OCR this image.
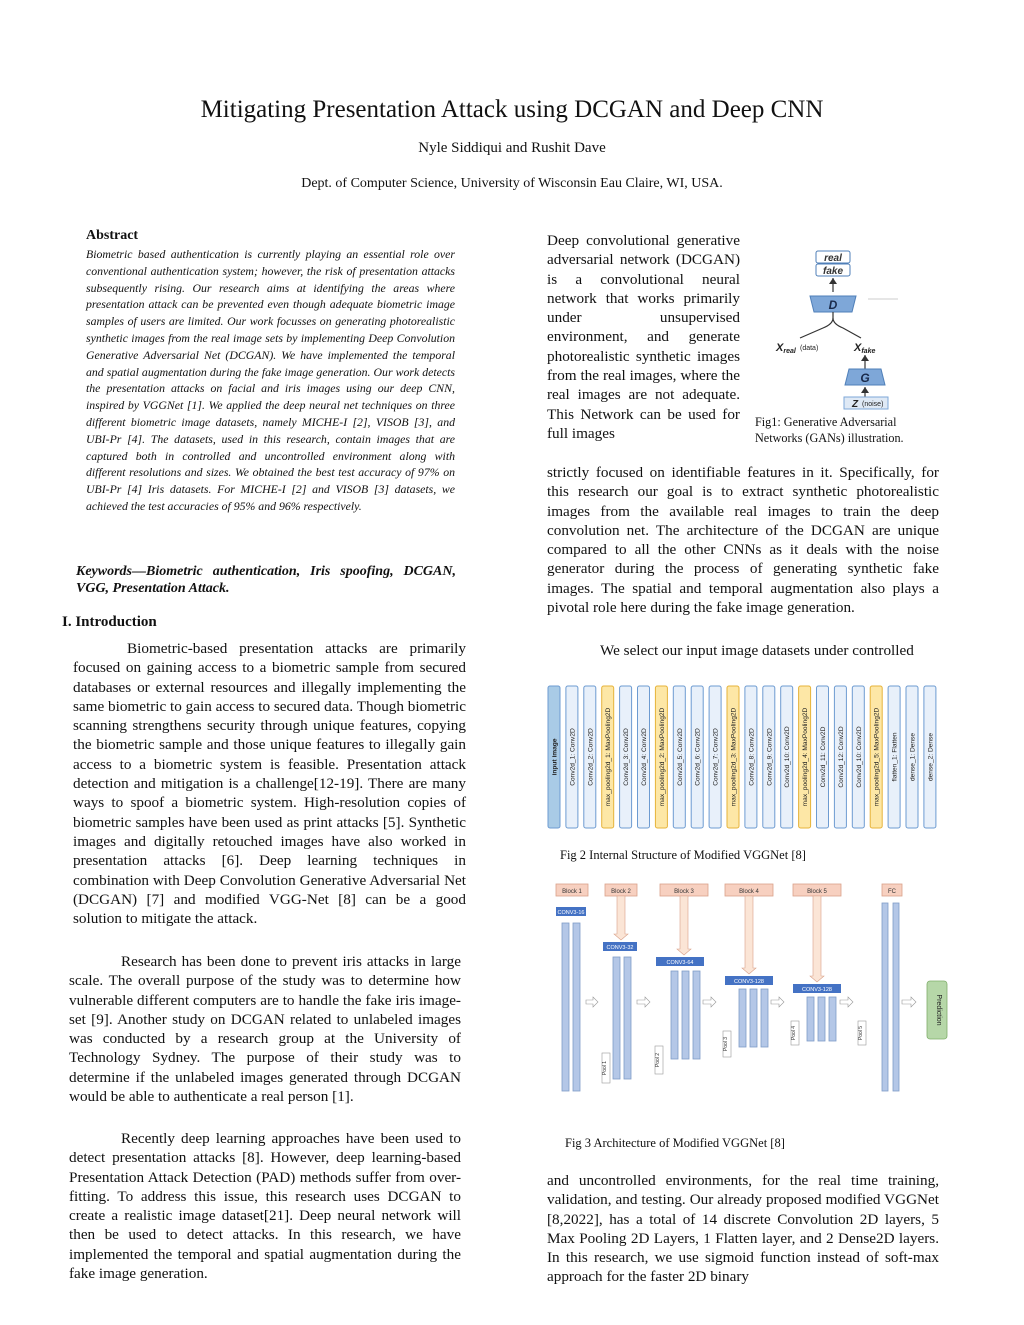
Mitigating Presentation Attack using DCGAN and Deep CNN
Nyle Siddiqui and Rushit Dave
Dept. of Computer Science, University of Wisconsin Eau Claire, WI, USA.
Abstract
Biometric based authentication is currently playing an essential role over conventional authentication system; however, the risk of presentation attacks subsequently rising. Our research aims at identifying the areas where presentation attack can be prevented even though adequate biometric image samples of users are limited. Our work focusses on generating photorealistic synthetic images from the real image sets by implementing Deep Convolution Generative Adversarial Net (DCGAN). We have implemented the temporal and spatial augmentation during the fake image generation. Our work detects the presentation attacks on facial and iris images using our deep CNN, inspired by VGGNet [1]. We applied the deep neural net techniques on three different biometric image datasets, namely MICHE-I [2], VISOB [3], and UBI-Pr [4]. The datasets, used in this research, contain images that are captured both in controlled and uncontrolled environment along with different resolutions and sizes. We obtained the best test accuracy of 97% on UBI-Pr [4] Iris datasets. For MICHE-I [2] and VISOB [3] datasets, we achieved the test accuracies of 95% and 96% respectively.
Keywords—Biometric authentication, Iris spoofing, DCGAN, VGG, Presentation Attack.
I. Introduction
Biometric-based presentation attacks are primarily focused on gaining access to a biometric sample from secured databases or external resources and illegally implementing the same biometric to gain access to secured data. Though biometric scanning strengthens security through unique features, copying the biometric sample and those unique features to illegally gain access to a biometric system is feasible. Presentation attack detection and mitigation is a challenge[12-19]. There are many ways to spoof a biometric system. High-resolution copies of biometric samples have been used as print attacks [5]. Synthetic images and digitally retouched images have also worked in presentation attacks [6]. Deep learning techniques in combination with Deep Convolution Generative Adversarial Net (DCGAN) [7] and modified VGG-Net [8] can be a good solution to mitigate the attack.
Research has been done to prevent iris attacks in large scale. The overall purpose of the study was to determine how vulnerable different computers are to handle the fake iris image-set [9]. Another study on DCGAN related to unlabeled images was conducted by a research group at the University of Technology Sydney. The purpose of their study was to determine if the unlabeled images generated through DCGAN would be able to authenticate a real person [1].
Recently deep learning approaches have been used to detect presentation attacks [8]. However, deep learning-based Presentation Attack Detection (PAD) methods suffer from over-fitting. To address this issue, this research uses DCGAN to create a realistic image dataset[21]. Deep neural network will then be used to detect attacks. In this research, we have implemented the temporal and spatial augmentation during the fake image generation.
Deep convolutional generative adversarial network (DCGAN) is a convolutional neural network that works primarily under unsupervised environment, and generate photorealistic synthetic images from the real images, where the real images are not adequate. This Network can be used for full images
strictly focused on identifiable features in it. Specifically, for this research our goal is to extract synthetic photorealistic images from the available real images to train the deep convolution net. The architecture of the DCGAN are unique compared to all the other CNNs as it deals with the noise generator during the process of generating synthetic fake images. The spatial and temporal augmentation also plays a pivotal role here during the fake image generation.
We select our input image datasets under controlled
and uncontrolled environments, for the real time training, validation, and testing. Our already proposed modified VGGNet [8,2022], has a total of 14 discrete Convolution 2D layers, 5 Max Pooling 2D Layers, 1 Flatten layer, and 2 Dense2D layers. In this research, we use sigmoid function instead of soft-max approach for the faster 2D binary
real
fake
D
Xreal (data)	Xfake
G
Z (noise)
Fig1: Generative Adversarial Networks (GANs) illustration.
input image Conv2d_1: Conv2D Conv2d_2: Conv2D max_pooling2d_1: MaxPooling2D Conv2d_3: Conv2D Conv2d_4: Conv2D max_pooling2d_2: MaxPooling2D Conv2d_5: Conv2D Conv2d_6: Conv2D Conv2d_7: Conv2D max_pooling2d_3: MaxPooling2D Conv2d_8: Conv2D Conv2d_9: Conv2D Conv2d_10: Conv2D max_pooling2d_4: MaxPooling2D Conv2d_11: Conv2D Conv2d_12: Conv2D Conv2d_10: Conv2D max_pooling2d_5: MaxPooling2D flatten_1: Flatten dense_1: Dense dense_2: Dense
Fig 2 Internal Structure of Modified VGGNet [8]
Block 1	Block 2	Block 3	Block 4	Block 5	FC
CONV3-16
Pool 1
CONV3-32
Pool 2
CONV3-64
Pool 3
CONV3-128
Pool 4
CONV3-128
Pool 5
Prediction
Fig 3 Architecture of Modified VGGNet [8]
